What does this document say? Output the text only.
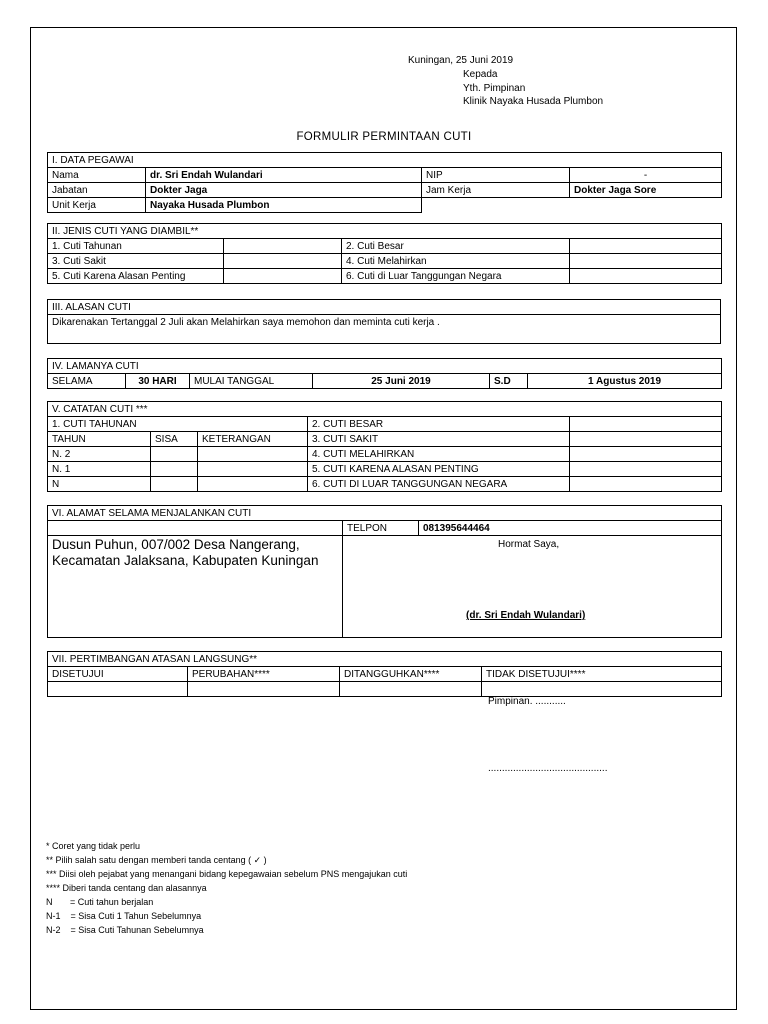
Kuningan, 25 Juni 2019
Kepada
Yth. Pimpinan
Klinik Nayaka Husada Plumbon
FORMULIR PERMINTAAN CUTI
I. DATA PEGAWAI			
Nama	dr. Sri Endah Wulandari	NIP	-
Jabatan	Dokter Jaga	Jam Kerja	Dokter Jaga Sore
Unit Kerja	Nayaka Husada Plumbon		
II. JENIS CUTI YANG DIAMBIL**			
1. Cuti Tahunan		2. Cuti Besar	
3. Cuti Sakit		4. Cuti Melahirkan	
5. Cuti Karena Alasan Penting		6. Cuti di Luar Tanggungan Negara	
III. ALASAN CUTI
Dikarenakan Tertanggal 2 Juli akan Melahirkan saya memohon dan meminta cuti kerja .
IV. LAMANYA CUTI
SELAMA	30 HARI	MULAI TANGGAL	25 Juni 2019	S.D	1 Agustus 2019
V. CATATAN CUTI ***				
1. CUTI TAHUNAN			2. CUTI BESAR	
TAHUN	SISA	KETERANGAN	3. CUTI SAKIT	
N. 2			4. CUTI MELAHIRKAN	
N. 1			5. CUTI KARENA ALASAN PENTING	
N			6. CUTI DI LUAR TANGGUNGAN NEGARA	
VI. ALAMAT SELAMA MENJALANKAN CUTI		
	TELPON	081395644464

Dusun Puhun, 007/002 Desa Nangerang, Kecamatan Jalaksana, Kabupaten Kuningan	Hormat Saya,
(dr. Sri Endah Wulandari)	
VII. PERTIMBANGAN ATASAN LANGSUNG**			
DISETUJUI	PERUBAHAN****	DITANGGUHKAN****	TIDAK DISETUJUI****

Pimpinan. ...........
...........................................
* Coret yang tidak perlu
** Pilih salah satu dengan memberi tanda centang ( ✓ )
*** Diisi oleh pejabat yang menangani bidang kepegawaian sebelum PNS mengajukan cuti
**** Diberi tanda centang dan alasannya
N       = Cuti tahun berjalan
N-1    = Sisa Cuti 1 Tahun Sebelumnya
N-2    = Sisa Cuti Tahunan Sebelumnya
